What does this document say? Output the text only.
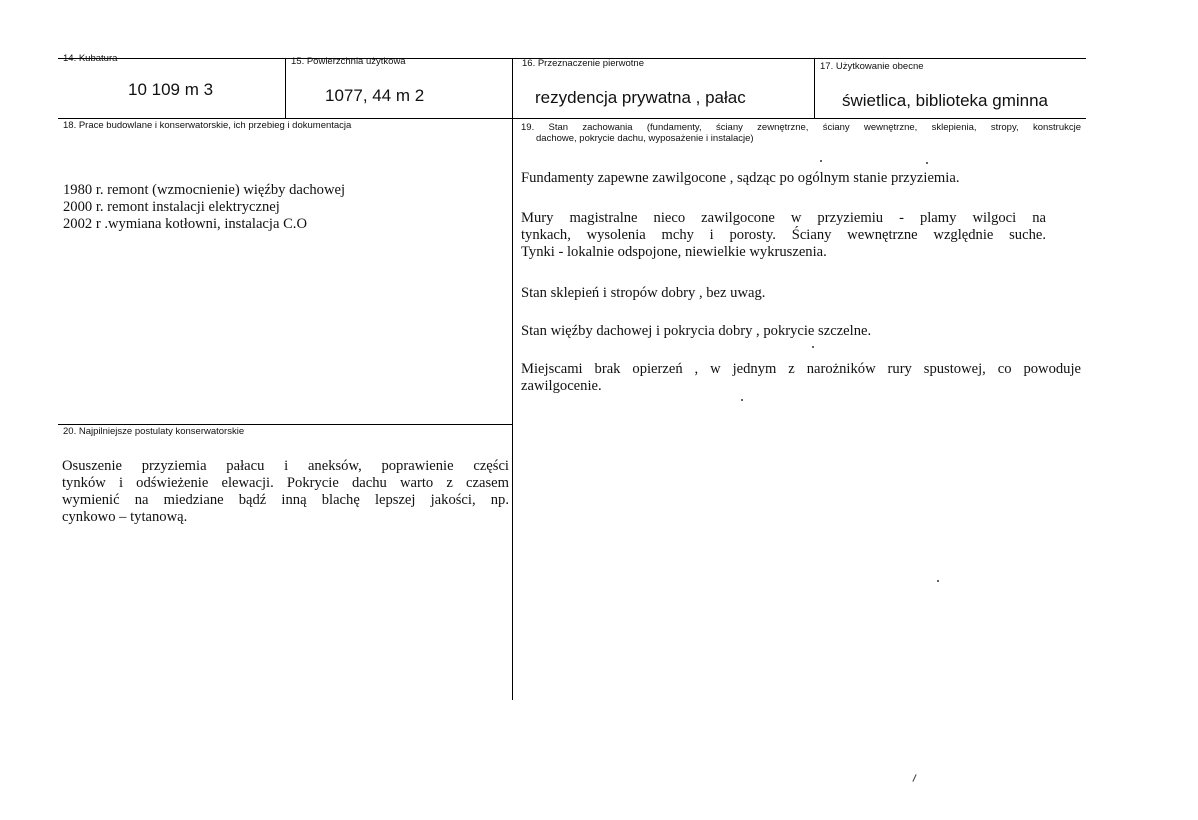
14. Kubatura
10 109 m 3
15. Powierzchnia użytkowa
1077, 44 m 2
16. Przeznaczenie pierwotne
rezydencja prywatna , pałac
17. Użytkowanie obecne
świetlica, biblioteka gminna
18. Prace budowlane i konserwatorskie, ich przebieg i dokumentacja

1980 r. remont (wzmocnienie) więźby dachowej

2000 r. remont instalacji elektrycznej

2002 r .wymiana kotłowni, instalacja C.O

19. Stan zachowania (fundamenty, ściany zewnętrzne, ściany wewnętrzne, sklepienia, stropy, konstrukcje
dachowe, pokrycie dachu, wyposażenie i instalacje)

Fundamenty zapewne zawilgocone , sądząc po ogólnym stanie przyziemia.

Mury magistralne nieco zawilgocone w przyziemiu - plamy wilgoci na

tynkach, wysolenia mchy i porosty. Ściany wewnętrzne względnie suche.

Tynki - lokalnie odspojone, niewielkie wykruszenia.

Stan sklepień i stropów dobry , bez uwag.

Stan więźby dachowej i pokrycia dobry , pokrycie szczelne.

Miejscami brak opierzeń , w jednym z narożników rury spustowej, co powoduje

zawilgocenie.

20. Najpilniejsze postulaty konserwatorskie

Osuszenie przyziemia pałacu i aneksów, poprawienie części

tynków i odświeżenie elewacji. Pokrycie dachu warto z czasem

wymienić na miedziane bądź inną blachę lepszej jakości, np.

cynkowo – tytanową.
